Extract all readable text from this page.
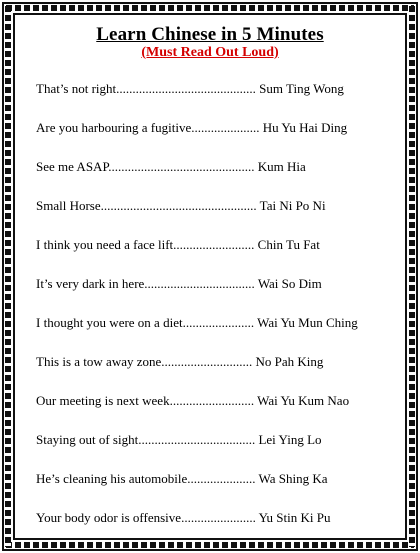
Learn Chinese in 5 Minutes
(Must Read Out Loud)
That’s not right........................................... Sum Ting Wong
Are you harbouring a fugitive..................... Hu Yu Hai Ding
See me ASAP............................................. Kum Hia
Small Horse................................................ Tai Ni Po Ni
I think you need a face lift......................... Chin Tu Fat
It’s very dark in here.................................. Wai So Dim
I thought you were on a diet...................... Wai Yu Mun Ching
This is a tow away zone............................ No Pah King
Our meeting is next week.......................... Wai Yu Kum Nao
Staying out of sight.................................... Lei Ying Lo
He’s cleaning his automobile..................... Wa Shing Ka
Your body odor is offensive....................... Yu Stin Ki Pu
